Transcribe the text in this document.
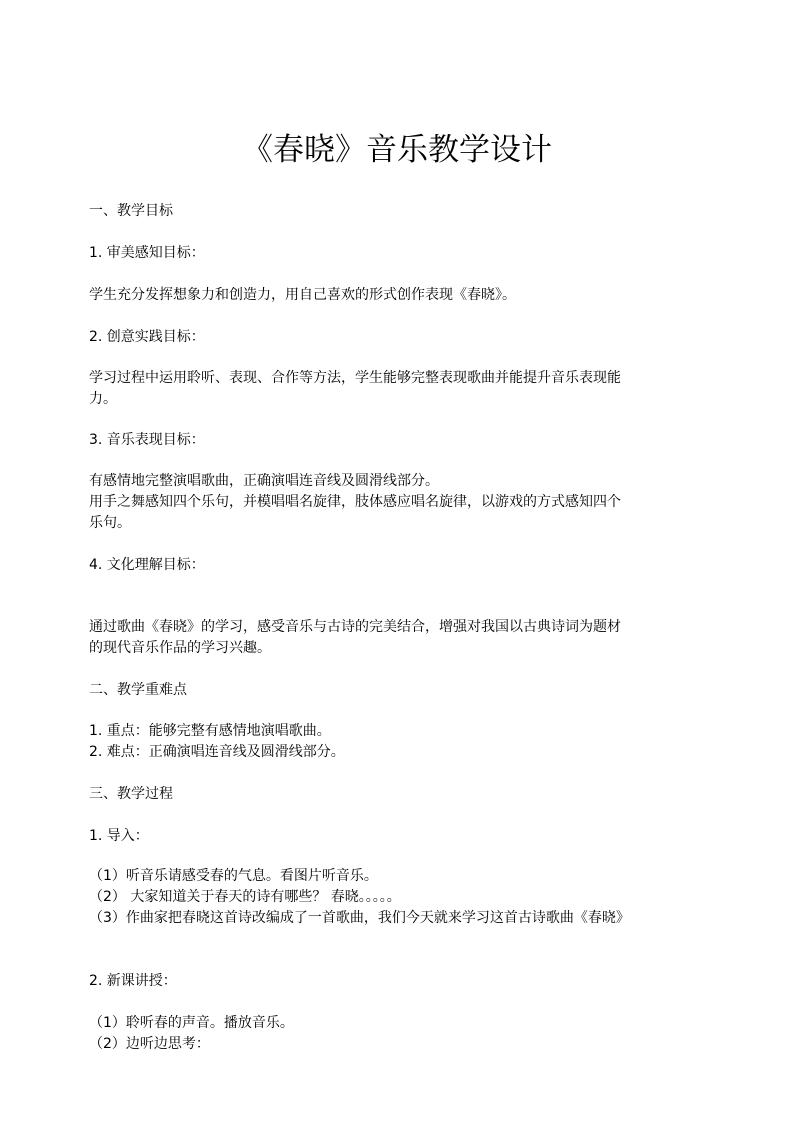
《春晓》音乐教学设计
一、教学目标
1. 审美感知目标：
学生充分发挥想象力和创造力，用自己喜欢的形式创作表现《春晓》。
2. 创意实践目标：
学习过程中运用聆听、表现、合作等方法，学生能够完整表现歌曲并能提升音乐表现能
力。
3. 音乐表现目标：
有感情地完整演唱歌曲，正确演唱连音线及圆滑线部分。
用手之舞感知四个乐句，并模唱唱名旋律，肢体感应唱名旋律，以游戏的方式感知四个
乐句。
4. 文化理解目标：
通过歌曲《春晓》的学习，感受音乐与古诗的完美结合，增强对我国以古典诗词为题材
的现代音乐作品的学习兴趣。
二、教学重难点
1. 重点：能够完整有感情地演唱歌曲。
2. 难点：正确演唱连音线及圆滑线部分。
三、教学过程
1. 导入：
（1）听音乐请感受春的气息。看图片听音乐。
（2） 大家知道关于春天的诗有哪些？ 春晓。。。。。
（3）作曲家把春晓这首诗改编成了一首歌曲，我们今天就来学习这首古诗歌曲《春晓》
2. 新课讲授：
（1）聆听春的声音。播放音乐。
（2）边听边思考：
